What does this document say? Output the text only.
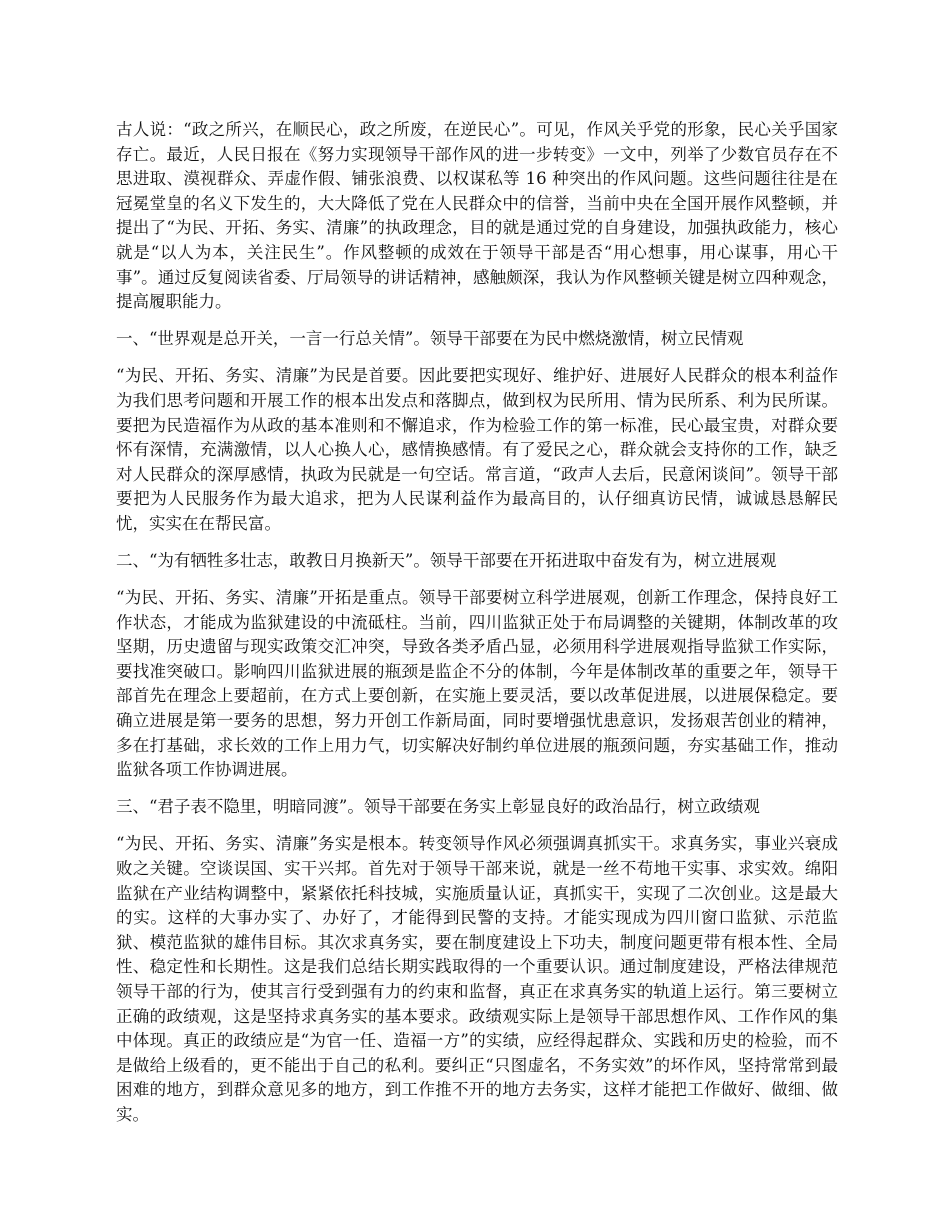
古人说：“政之所兴，在顺民心，政之所废，在逆民心”。可见，作风关乎党的形象，民心关乎国家存亡。最近，人民日报在《努力实现领导干部作风的进一步转变》一文中，列举了少数官员存在不思进取、漠视群众、弄虚作假、铺张浪费、以权谋私等 16 种突出的作风问题。这些问题往往是在冠冕堂皇的名义下发生的，大大降低了党在人民群众中的信誉，当前中央在全国开展作风整顿，并提出了“为民、开拓、务实、清廉”的执政理念，目的就是通过党的自身建设，加强执政能力，核心就是“以人为本，关注民生”。作风整顿的成效在于领导干部是否“用心想事，用心谋事，用心干事”。通过反复阅读省委、厅局领导的讲话精神，感触颇深，我认为作风整顿关键是树立四种观念，提高履职能力。

一、“世界观是总开关，一言一行总关情”。领导干部要在为民中燃烧激情，树立民情观

“为民、开拓、务实、清廉”为民是首要。因此要把实现好、维护好、进展好人民群众的根本利益作为我们思考问题和开展工作的根本出发点和落脚点，做到权为民所用、情为民所系、利为民所谋。要把为民造福作为从政的基本准则和不懈追求，作为检验工作的第一标准，民心最宝贵，对群众要怀有深情，充满激情，以人心换人心，感情换感情。有了爱民之心，群众就会支持你的工作，缺乏对人民群众的深厚感情，执政为民就是一句空话。常言道，“政声人去后，民意闲谈间”。领导干部要把为人民服务作为最大追求，把为人民谋利益作为最高目的，认仔细真访民情，诚诚恳恳解民忧，实实在在帮民富。

二、“为有牺牲多壮志，敢教日月换新天”。领导干部要在开拓进取中奋发有为，树立进展观

“为民、开拓、务实、清廉”开拓是重点。领导干部要树立科学进展观，创新工作理念，保持良好工作状态，才能成为监狱建设的中流砥柱。当前，四川监狱正处于布局调整的关键期，体制改革的攻坚期，历史遗留与现实政策交汇冲突，导致各类矛盾凸显，必须用科学进展观指导监狱工作实际，要找准突破口。影响四川监狱进展的瓶颈是监企不分的体制，今年是体制改革的重要之年，领导干部首先在理念上要超前，在方式上要创新，在实施上要灵活，要以改革促进展，以进展保稳定。要确立进展是第一要务的思想，努力开创工作新局面，同时要增强忧患意识，发扬艰苦创业的精神，多在打基础，求长效的工作上用力气，切实解决好制约单位进展的瓶颈问题，夯实基础工作，推动监狱各项工作协调进展。

三、“君子表不隐里，明暗同渡”。领导干部要在务实上彰显良好的政治品行，树立政绩观

“为民、开拓、务实、清廉”务实是根本。转变领导作风必须强调真抓实干。求真务实，事业兴衰成败之关键。空谈误国、实干兴邦。首先对于领导干部来说，就是一丝不苟地干实事、求实效。绵阳监狱在产业结构调整中，紧紧依托科技城，实施质量认证，真抓实干，实现了二次创业。这是最大的实。这样的大事办实了、办好了，才能得到民警的支持。才能实现成为四川窗口监狱、示范监狱、模范监狱的雄伟目标。其次求真务实，要在制度建设上下功夫，制度问题更带有根本性、全局性、稳定性和长期性。这是我们总结长期实践取得的一个重要认识。通过制度建设，严格法律规范领导干部的行为，使其言行受到强有力的约束和监督，真正在求真务实的轨道上运行。第三要树立正确的政绩观，这是坚持求真务实的基本要求。政绩观实际上是领导干部思想作风、工作作风的集中体现。真正的政绩应是“为官一任、造福一方”的实绩，应经得起群众、实践和历史的检验，而不是做给上级看的，更不能出于自己的私利。要纠正“只图虚名，不务实效”的坏作风，坚持常常到最困难的地方，到群众意见多的地方，到工作推不开的地方去务实，这样才能把工作做好、做细、做实。
